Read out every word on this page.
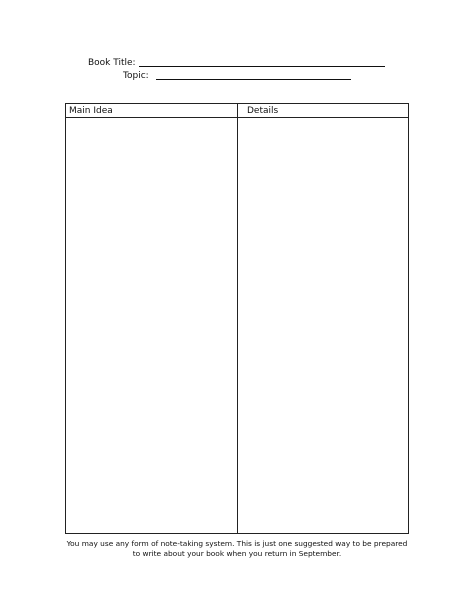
Book Title:
Topic:
Main Idea	Details
You may use any form of note-taking system. This is just one suggested way to be prepared
to write about your book when you return in September.
